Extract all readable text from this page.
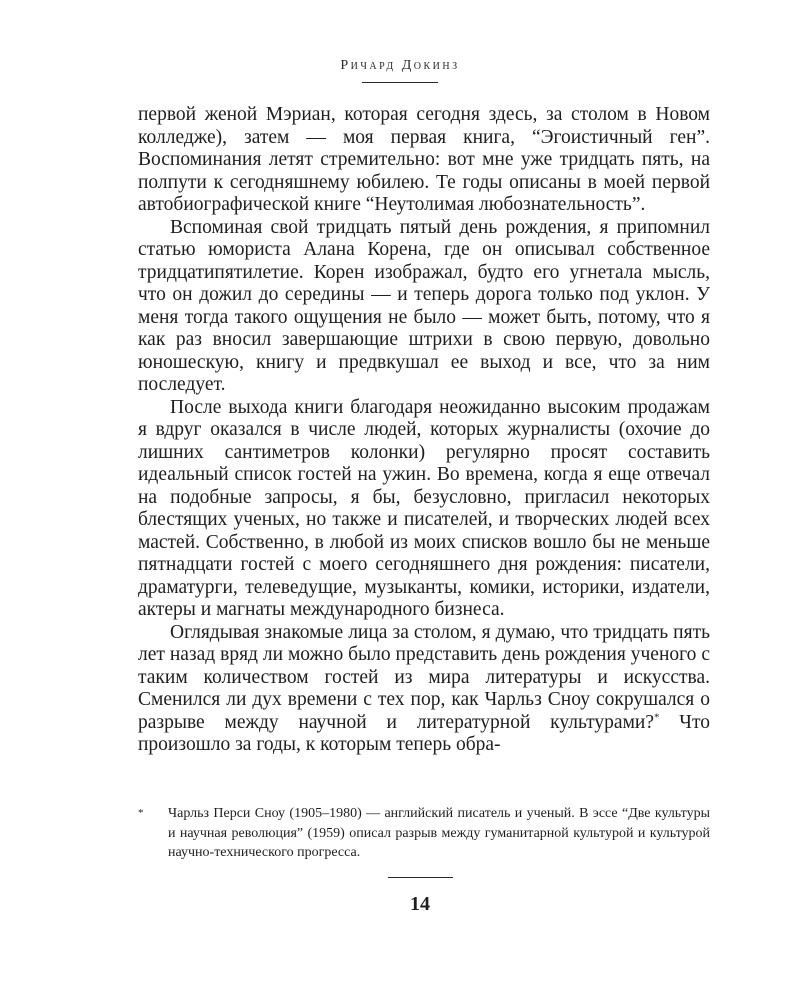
Ричард Докинз

первой женой Мэриан, которая сегодня здесь, за столом в Новом колледже), затем — моя первая книга, “Эгоистичный ген”. Воспоминания летят стремительно: вот мне уже тридцать пять, на полпути к сегодняшнему юбилею. Те годы описаны в моей первой автобиографической книге “Неутолимая любознательность”.

Вспоминая свой тридцать пятый день рождения, я припомнил статью юмориста Алана Корена, где он описывал собственное тридцатипятилетие. Корен изображал, будто его угнетала мысль, что он дожил до середины — и теперь дорога только под уклон. У меня тогда такого ощущения не было — может быть, потому, что я как раз вносил завершающие штрихи в свою первую, довольно юношескую, книгу и предвкушал ее выход и все, что за ним последует.

После выхода книги благодаря неожиданно высоким продажам я вдруг оказался в числе людей, которых журналисты (охочие до лишних сантиметров колонки) регулярно просят составить идеальный список гостей на ужин. Во времена, когда я еще отвечал на подобные запросы, я бы, безусловно, пригласил некоторых блестящих ученых, но также и писателей, и творческих людей всех мастей. Собственно, в любой из моих списков вошло бы не меньше пятнадцати гостей с моего сегодняшнего дня рождения: писатели, драматурги, телеведущие, музыканты, комики, историки, издатели, актеры и магнаты международного бизнеса.

Оглядывая знакомые лица за столом, я думаю, что тридцать пять лет назад вряд ли можно было представить день рождения ученого с таким количеством гостей из мира литературы и искусства. Сменился ли дух времени с тех пор, как Чарльз Сноу сокрушался о разрыве между научной и литературной культурами?* Что произошло за годы, к которым теперь обра-

* Чарльз Перси Сноу (1905–1980) — английский писатель и ученый. В эссе “Две культуры и научная революция” (1959) описал разрыв между гуманитарной культурой и культурой научно-технического прогресса.
14
